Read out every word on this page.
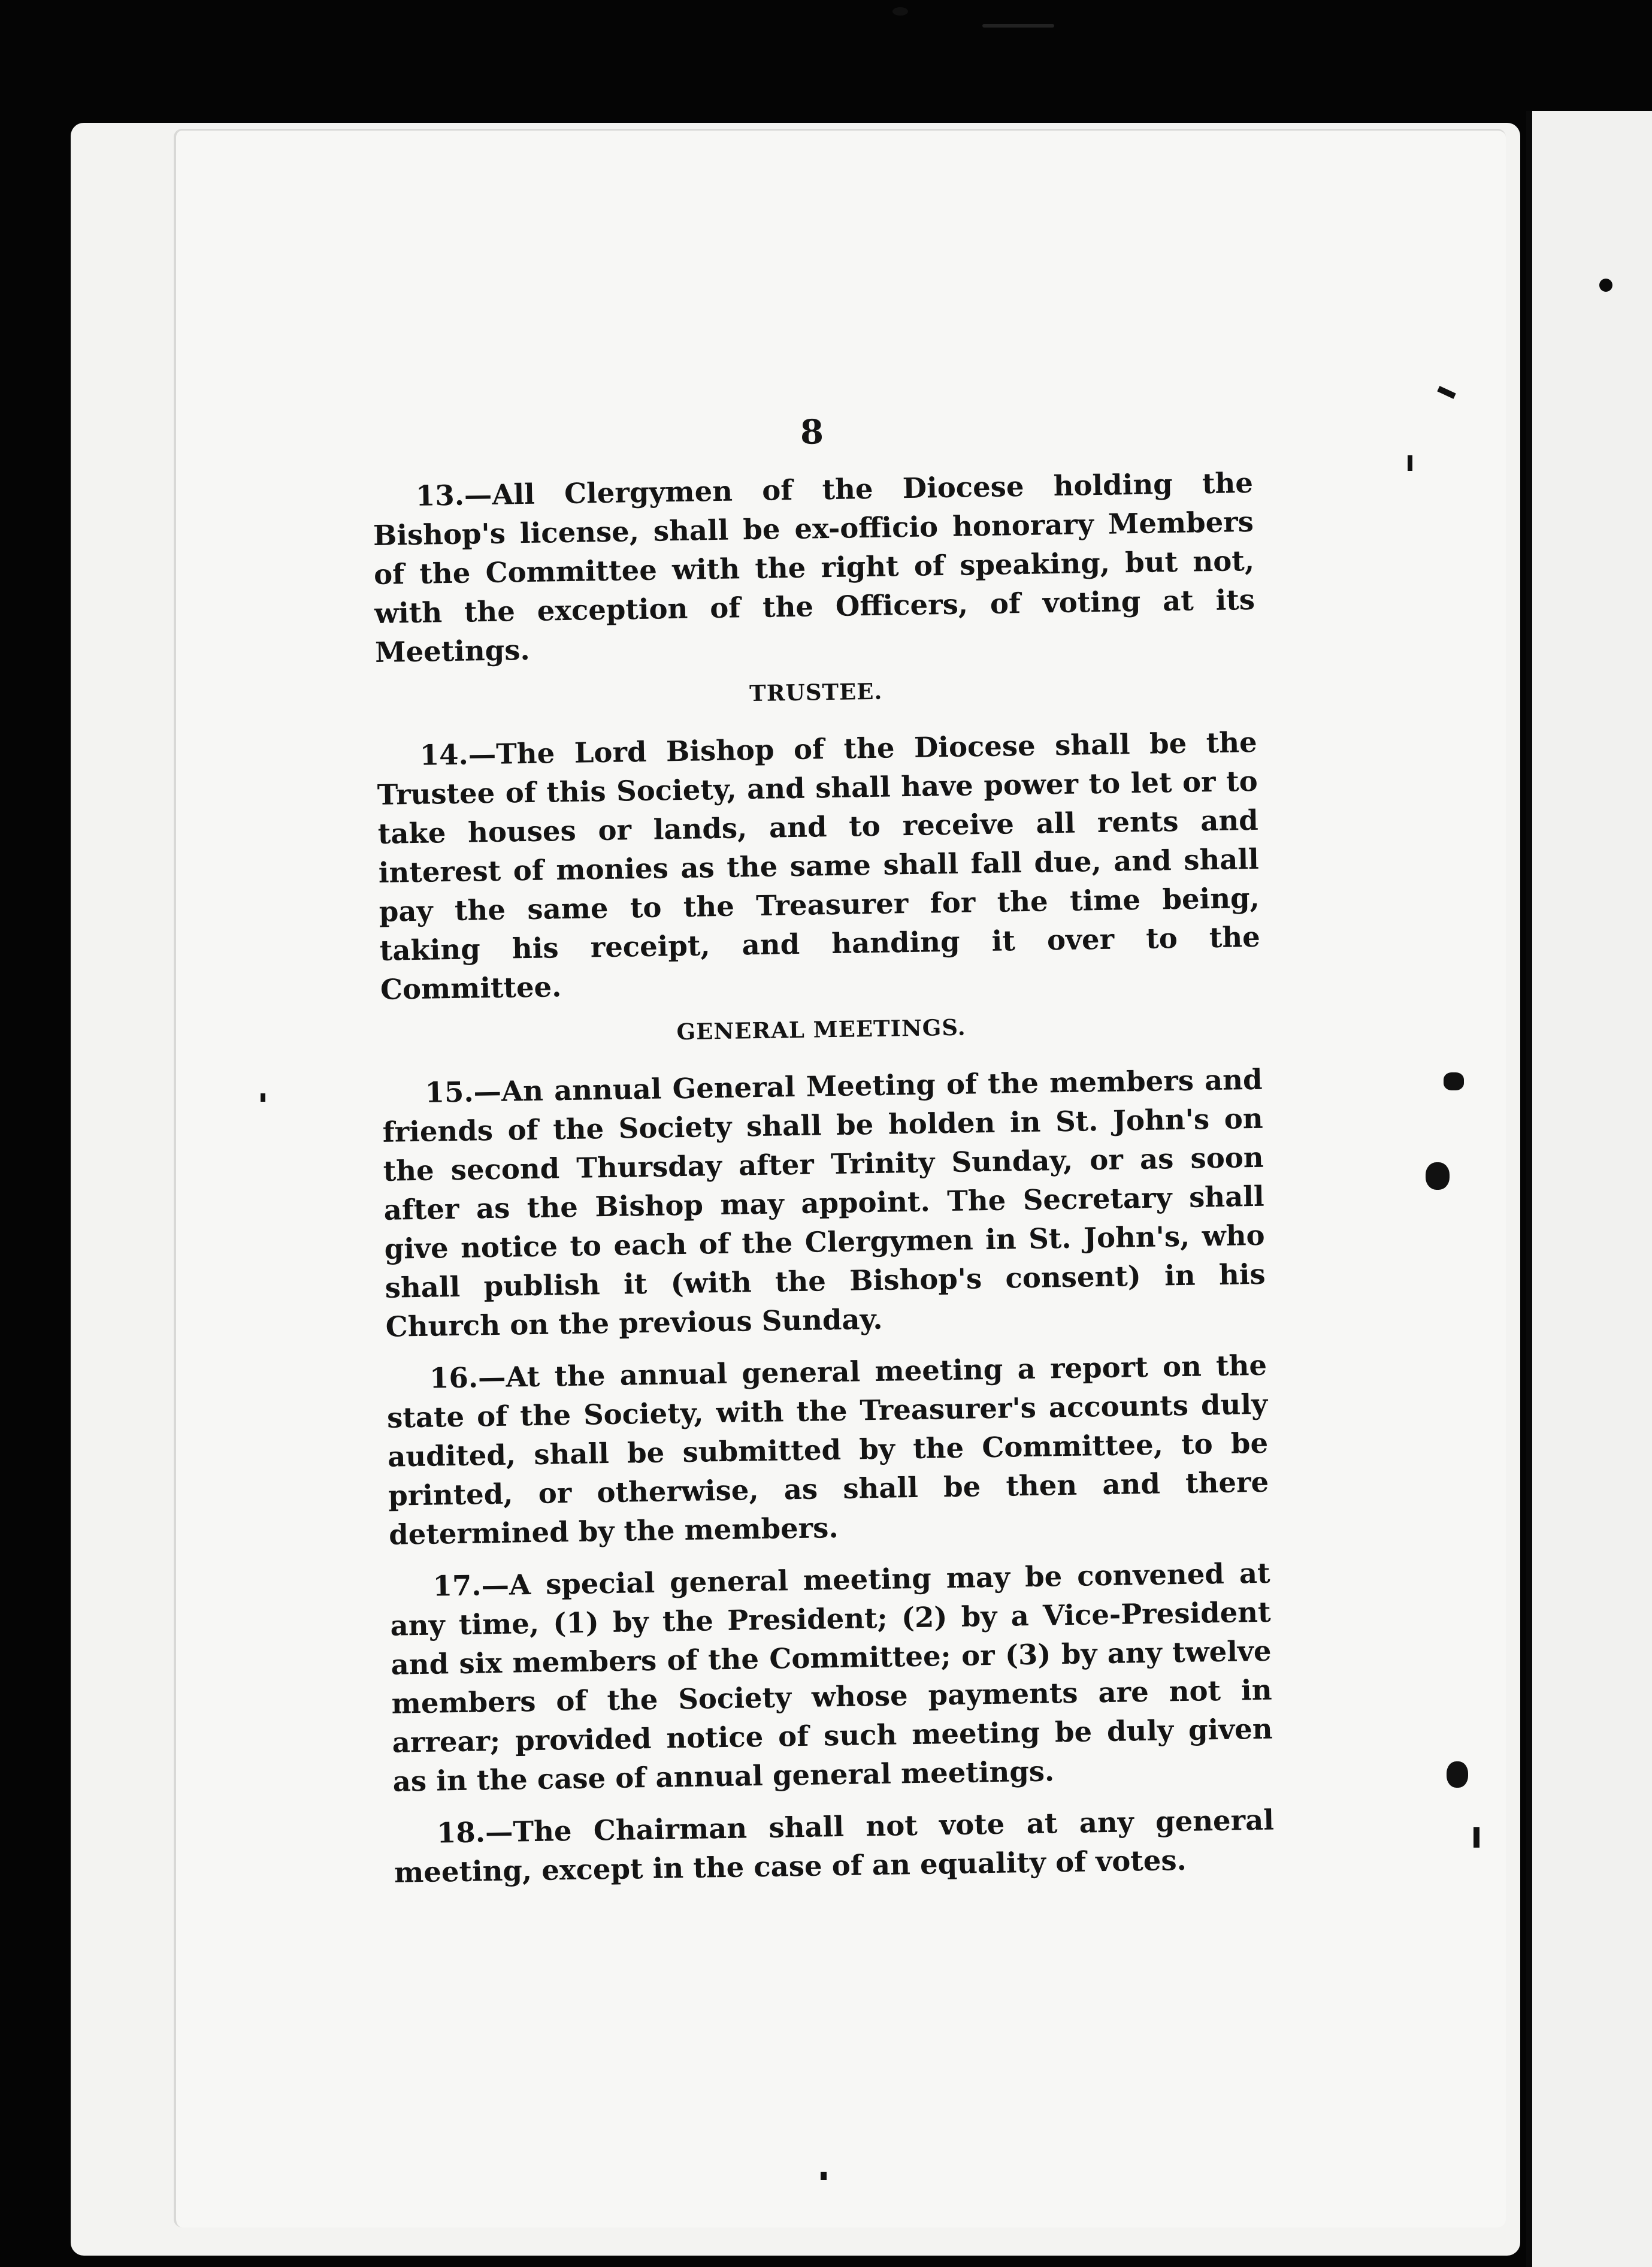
8

13.—All Clergymen of the Diocese holding the Bishop's license, shall be ex-officio honorary Members of the Committee with the right of speaking, but not, with the exception of the Officers, of voting at its Meetings.

TRUSTEE.

14.—The Lord Bishop of the Diocese shall be the Trustee of this Society, and shall have power to let or to take houses or lands, and to receive all rents and interest of monies as the same shall fall due, and shall pay the same to the Treasurer for the time being, taking his receipt, and handing it over to the Committee.

GENERAL MEETINGS.

15.—An annual General Meeting of the members and friends of the Society shall be holden in St. John's on the second Thursday after Trinity Sunday, or as soon after as the Bishop may appoint. The Secretary shall give notice to each of the Clergymen in St. John's, who shall publish it (with the Bishop's consent) in his Church on the previous Sunday.

16.—At the annual general meeting a report on the state of the Society, with the Treasurer's accounts duly audited, shall be submitted by the Committee, to be printed, or otherwise, as shall be then and there determined by the members.

17.—A special general meeting may be convened at any time, (1) by the President; (2) by a Vice-President and six members of the Committee; or (3) by any twelve members of the Society whose payments are not in arrear; provided notice of such meeting be duly given as in the case of annual general meetings.

18.—The Chairman shall not vote at any general meeting, except in the case of an equality of votes.
